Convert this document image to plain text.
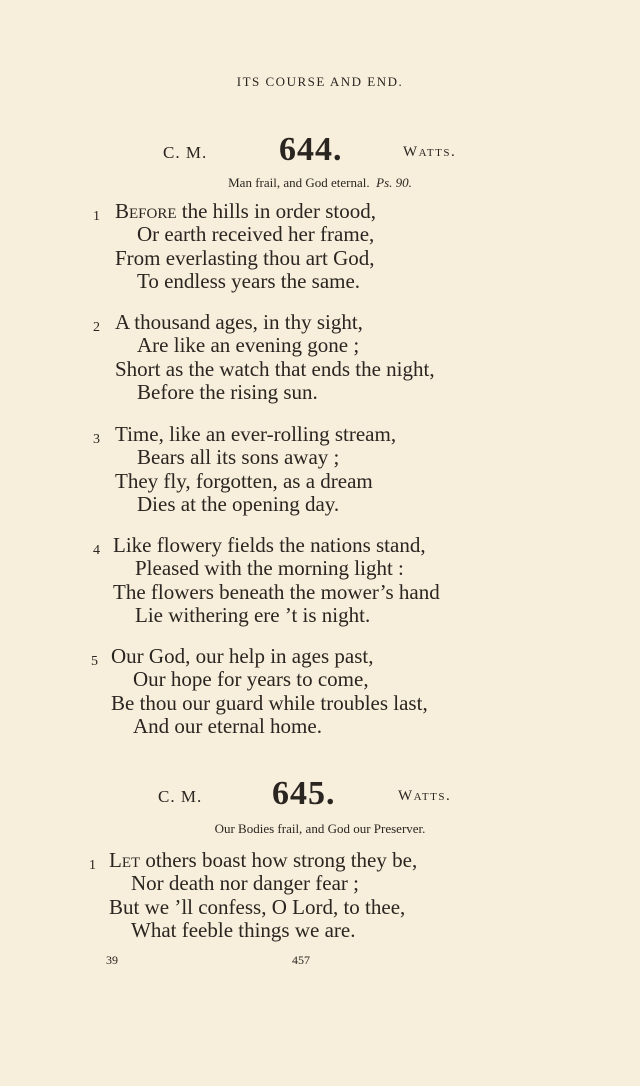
ITS COURSE AND END.
C. M. 644.	Watts.
Man frail, and God eternal. Ps. 90.
1 Before the hills in order stood,
Or earth received her frame,
From everlasting thou art God,
To endless years the same.
2 A thousand ages, in thy sight,
Are like an evening gone ;
Short as the watch that ends the night,
Before the rising sun.
3 Time, like an ever-rolling stream,
Bears all its sons away ;
They fly, forgotten, as a dream
Dies at the opening day.
4 Like flowery fields the nations stand,
Pleased with the morning light :
The flowers beneath the mower’s hand
Lie withering ere ’t is night.
5 Our God, our help in ages past,
Our hope for years to come,
Be thou our guard while troubles last,
And our eternal home.
C. M. 645.	Watts.
Our Bodies frail, and God our Preserver.
1 Let others boast how strong they be,
Nor death nor danger fear ;
But we ’ll confess, O Lord, to thee,
What feeble things we are.
39	457
